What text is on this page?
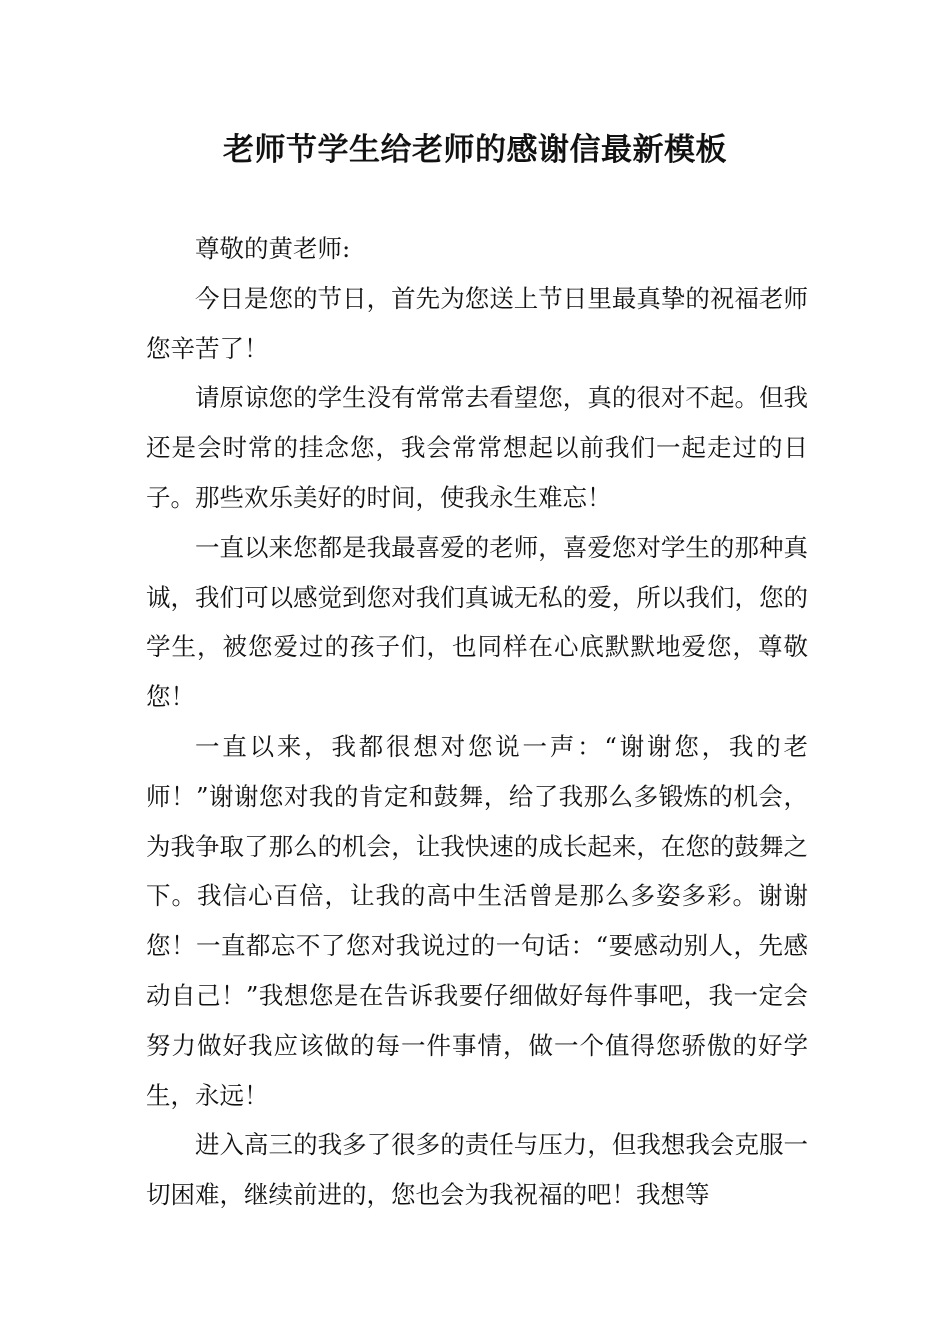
老师节学生给老师的感谢信最新模板

尊敬的黄老师:

今日是您的节日，首先为您送上节日里最真挚的祝福老师您辛苦了！

请原谅您的学生没有常常去看望您，真的很对不起。但我还是会时常的挂念您，我会常常想起以前我们一起走过的日子。那些欢乐美好的时间，使我永生难忘！

一直以来您都是我最喜爱的老师，喜爱您对学生的那种真诚，我们可以感觉到您对我们真诚无私的爱，所以我们，您的学生，被您爱过的孩子们，也同样在心底默默地爱您，尊敬您！

一直以来，我都很想对您说一声：“谢谢您，我的老师！”谢谢您对我的肯定和鼓舞，给了我那么多锻炼的机会，为我争取了那么的机会，让我快速的成长起来，在您的鼓舞之下。我信心百倍，让我的高中生活曾是那么多姿多彩。谢谢您！一直都忘不了您对我说过的一句话：“要感动别人，先感动自己！”我想您是在告诉我要仔细做好每件事吧，我一定会努力做好我应该做的每一件事情，做一个值得您骄傲的好学生，永远！

进入高三的我多了很多的责任与压力，但我想我会克服一切困难，继续前进的，您也会为我祝福的吧！我想等
